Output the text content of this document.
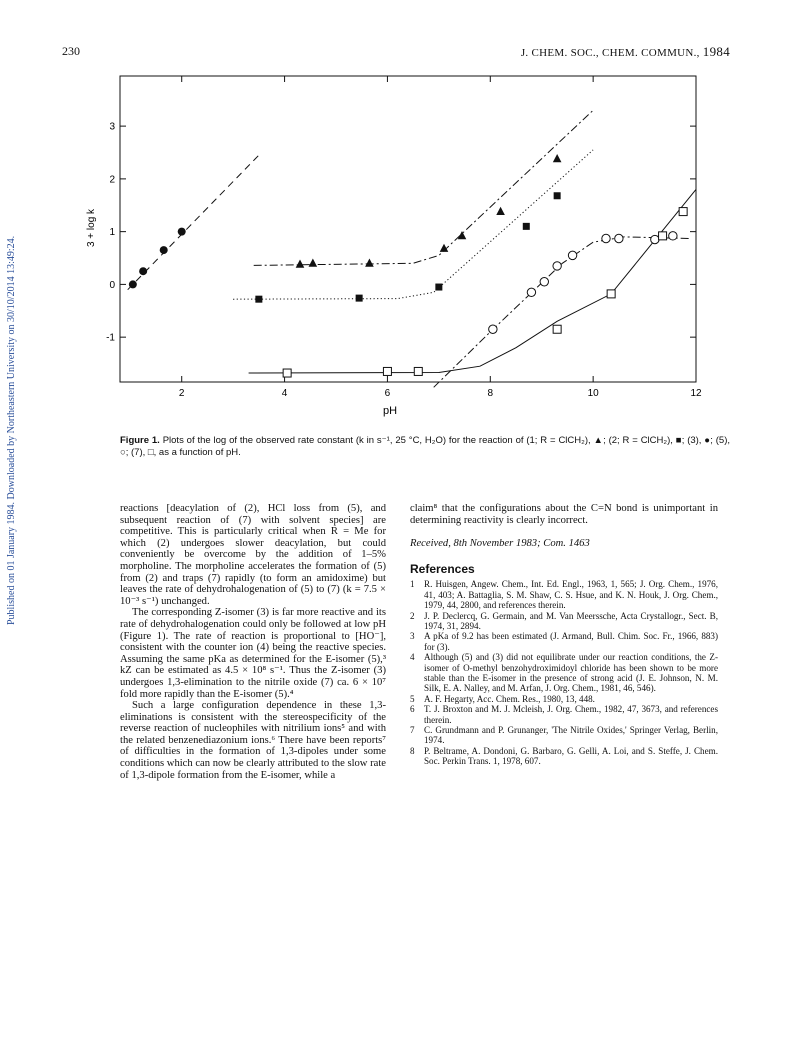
230	J. CHEM. SOC., CHEM. COMMUN., 1984
Published on 01 January 1984. Downloaded by Northeastern University on 30/10/2014 13:49:24.	2	4	6	8	10	12
-1
0
1
2
3
pH
3 + log k
Figure 1. Plots of the log of the observed rate constant (k in s⁻¹, 25 °C, H₂O) for the reaction of (1; R = ClCH₂), ▲; (2; R = ClCH₂), ■; (3), ●; (5), ○; (7), □, as a function of pH.

reactions [deacylation of (2), HCl loss from (5), and subsequent reaction of (7) with solvent species] are competitive. This is particularly critical when R = Me for which (2) undergoes slower deacylation, but could conveniently be overcome by the addition of 1–5% morpholine. The morpholine accelerates the formation of (5) from (2) and traps (7) rapidly (to form an amidoxime) but leaves the rate of dehydrohalogenation of (5) to (7) (k = 7.5 × 10⁻³ s⁻¹) unchanged.

The corresponding Z-isomer (3) is far more reactive and its rate of dehydrohalogenation could only be followed at low pH (Figure 1). The rate of reaction is proportional to [HO⁻], consistent with the counter ion (4) being the reactive species. Assuming the same pKa as determined for the E-isomer (5),³ kZ can be estimated as 4.5 × 10⁸ s⁻¹. Thus the Z-isomer (3) undergoes 1,3-elimination to the nitrile oxide (7) ca. 6 × 10⁷ fold more rapidly than the E-isomer (5).⁴

Such a large configuration dependence in these 1,3-eliminations is consistent with the stereospecificity of the reverse reaction of nucleophiles with nitrilium ions⁵ and with the related benzenediazonium ions.⁶ There have been reports⁷ of difficulties in the formation of 1,3-dipoles under some conditions which can now be clearly attributed to the slow rate of 1,3-dipole formation from the E-isomer, while a

claim⁸ that the configurations about the C=N bond is unimportant in determining reactivity is clearly incorrect.

Received, 8th November 1983; Com. 1463

References
1 R. Huisgen, Angew. Chem., Int. Ed. Engl., 1963, 1, 565; J. Org. Chem., 1976, 41, 403; A. Battaglia, S. M. Shaw, C. S. Hsue, and K. N. Houk, J. Org. Chem., 1979, 44, 2800, and references therein.
2 J. P. Declercq, G. Germain, and M. Van Meerssche, Acta Crystallogr., Sect. B, 1974, 31, 2894.
3 A pKa of 9.2 has been estimated (J. Armand, Bull. Chim. Soc. Fr., 1966, 883) for (3).
4 Although (5) and (3) did not equilibrate under our reaction conditions, the Z-isomer of O-methyl benzohydroximidoyl chloride has been shown to be more stable than the E-isomer in the presence of strong acid (J. E. Johnson, N. M. Silk, E. A. Nalley, and M. Arfan, J. Org. Chem., 1981, 46, 546).
5 A. F. Hegarty, Acc. Chem. Res., 1980, 13, 448.
6 T. J. Broxton and M. J. Mcleish, J. Org. Chem., 1982, 47, 3673, and references therein.
7 C. Grundmann and P. Grunanger, 'The Nitrile Oxides,' Springer Verlag, Berlin, 1974.
8 P. Beltrame, A. Dondoni, G. Barbaro, G. Gelli, A. Loi, and S. Steffe, J. Chem. Soc. Perkin Trans. 1, 1978, 607.
